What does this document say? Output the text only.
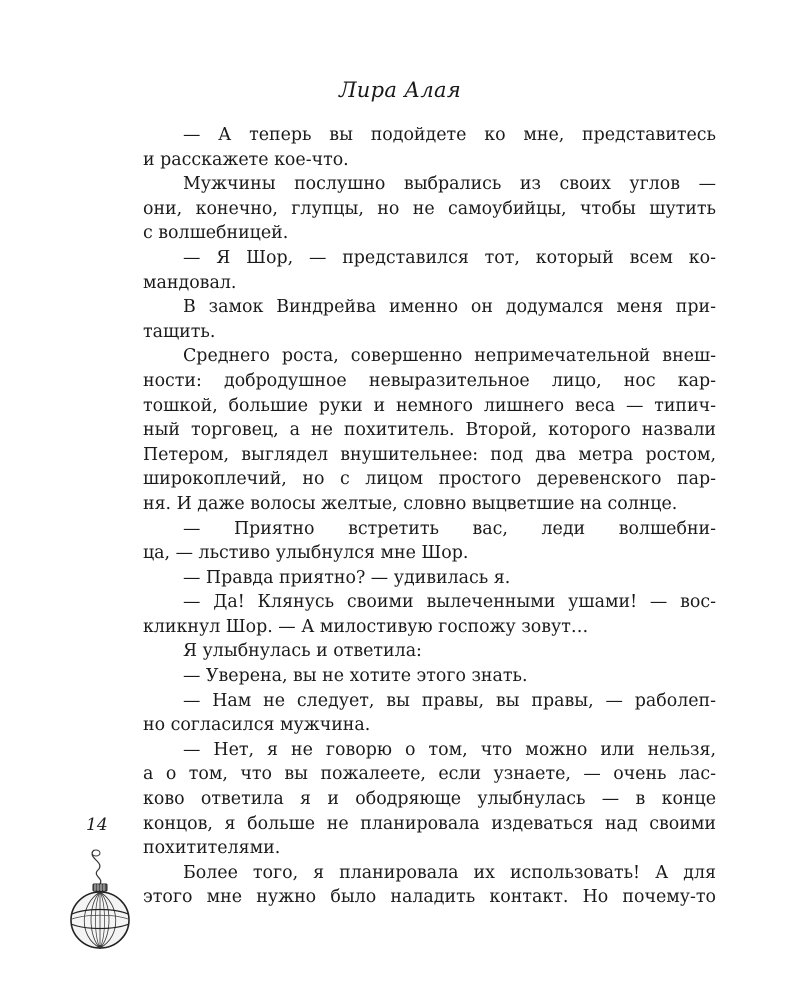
Лира Алая
— А теперь вы подойдете ко мне, представитесь
и расскажете кое-что.
Мужчины послушно выбрались из своих углов —
они, конечно, глупцы, но не самоубийцы, чтобы шутить
с волшебницей.
— Я Шор, — представился тот, который всем ко-
мандовал.
В замок Виндрейва именно он додумался меня при-
тащить.
Среднего роста, совершенно непримечательной внеш-
ности: добродушное невыразительное лицо, нос кар-
тошкой, большие руки и немного лишнего веса — типич-
ный торговец, а не похититель. Второй, которого назвали
Петером, выглядел внушительнее: под два метра ростом,
широкоплечий, но с лицом простого деревенского пар-
ня. И даже волосы желтые, словно выцветшие на солнце.
— Приятно встретить вас, леди волшебни-
ца, — льстиво улыбнулся мне Шор.
— Правда приятно? — удивилась я.
— Да! Клянусь своими вылеченными ушами! — вос-
кликнул Шор. — А милостивую госпожу зовут…
Я улыбнулась и ответила:
— Уверена, вы не хотите этого знать.
— Нам не следует, вы правы, вы правы, — раболеп-
но согласился мужчина.
— Нет, я не говорю о том, что можно или нельзя,
а о том, что вы пожалеете, если узнаете, — очень лас-
ково ответила я и ободряюще улыбнулась — в конце
концов, я больше не планировала издеваться над своими
похитителями.
Более того, я планировала их использовать! А для
этого мне нужно было наладить контакт. Но почему-то
14
